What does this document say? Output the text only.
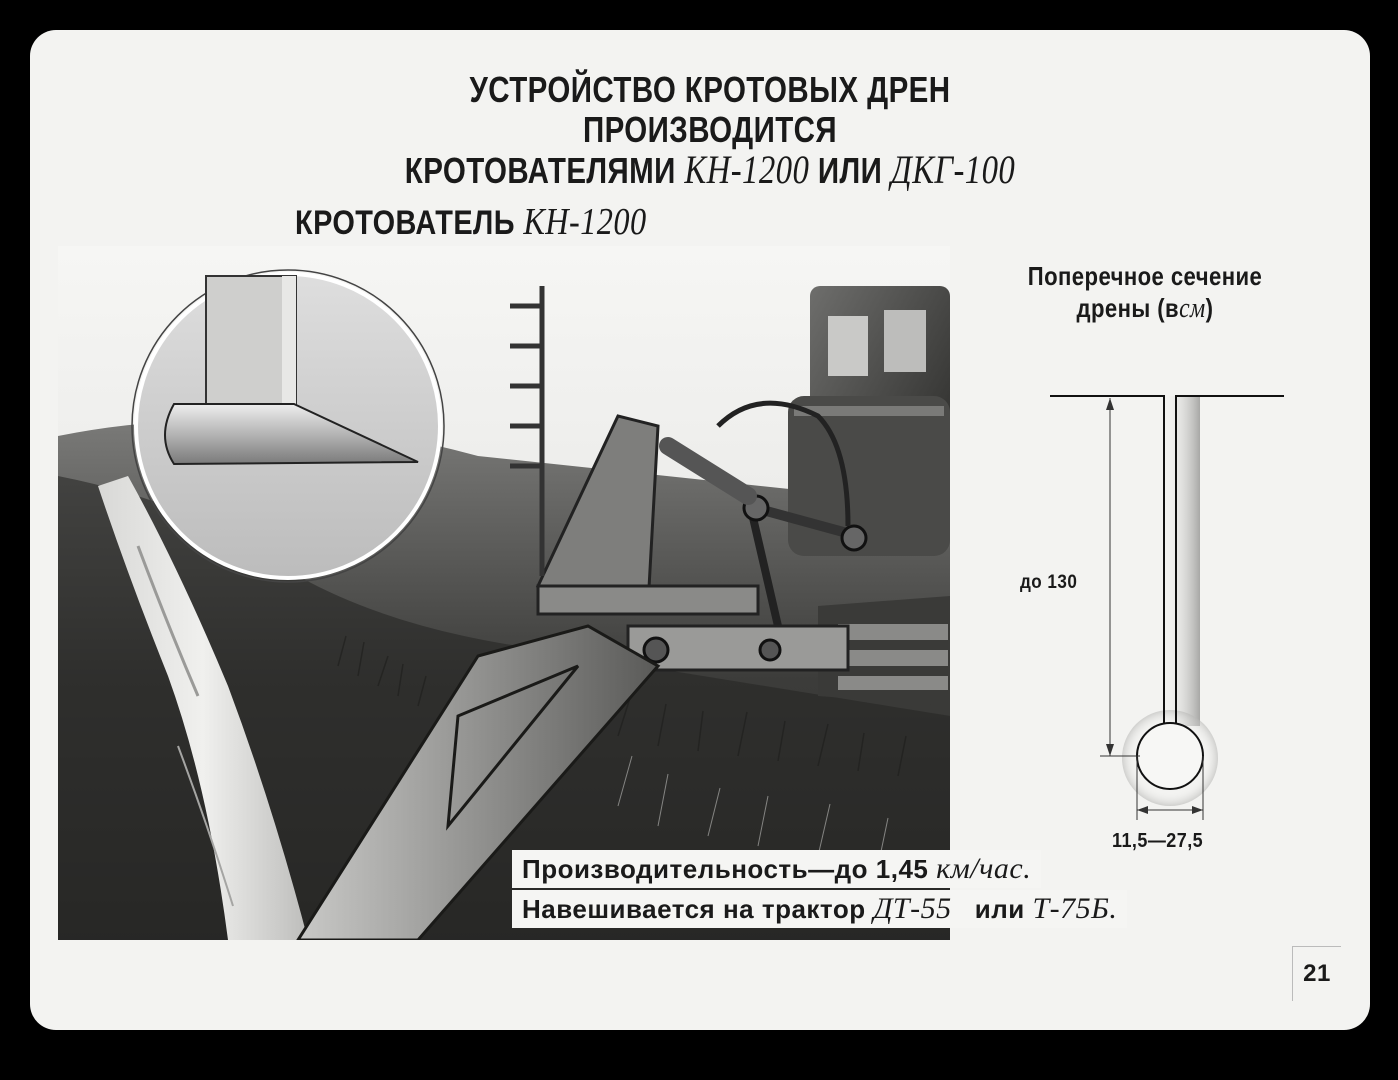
УСТРОЙСТВО КРОТОВЫХ ДРЕН ПРОИЗВОДИТСЯ
КРОТОВАТЕЛЯМИ КН-1200 ИЛИ ДКГ-100
КРОТОВАТЕЛЬ КН-1200
Поперечное сечение
дрены (всм)
до 130
11,5—27,5
Производительность—до 1,45 км/час.
Навешивается на трактор ДТ-55 или Т-75Б.
21
